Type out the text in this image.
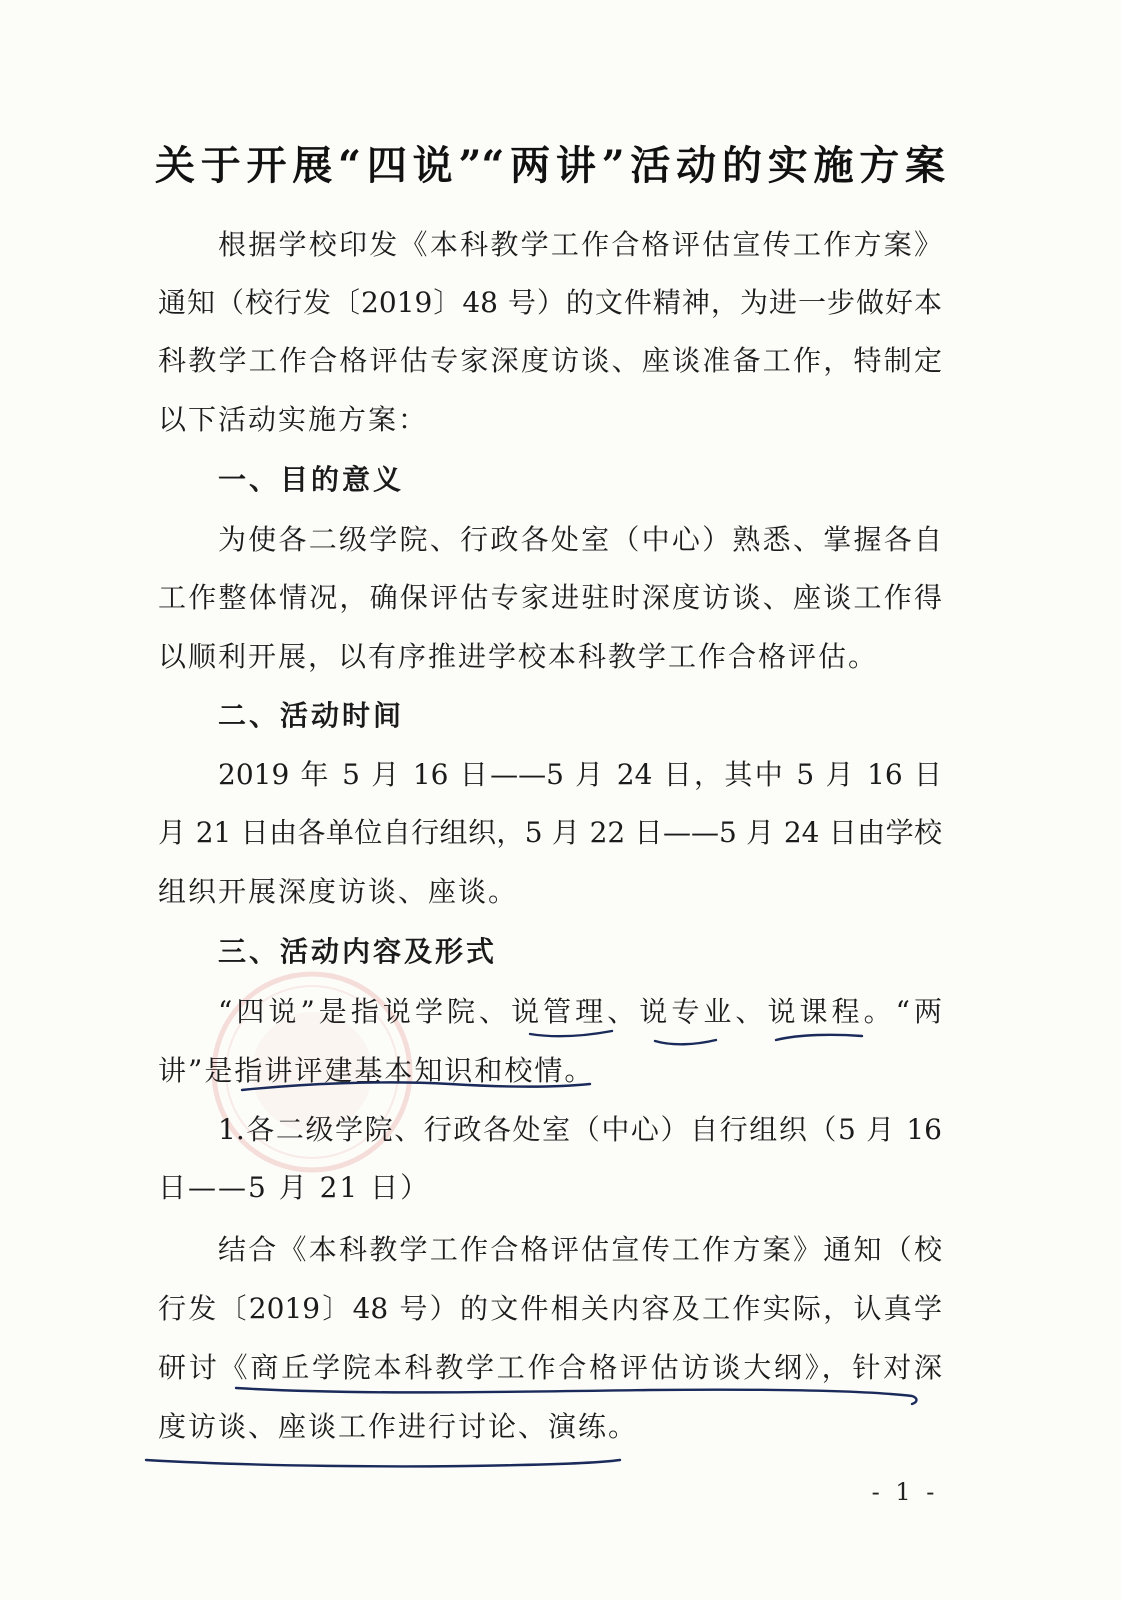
关于开展“四说”“两讲”活动的实施方案
根据学校印发《本科教学工作合格评估宣传工作方案》
通知（校行发〔2019〕48 号）的文件精神，为进一步做好本
科教学工作合格评估专家深度访谈、座谈准备工作，特制定
以下活动实施方案：
一、目的意义
为使各二级学院、行政各处室（中心）熟悉、掌握各自
工作整体情况，确保评估专家进驻时深度访谈、座谈工作得
以顺利开展，以有序推进学校本科教学工作合格评估。
二、活动时间
2019 年 5 月 16 日——5 月 24 日，其中 5 月 16 日
月 21 日由各单位自行组织，5 月 22 日——5 月 24 日由学校
组织开展深度访谈、座谈。
三、活动内容及形式
“四说”是指说学院、说管理、说专业、说课程。“两
讲”是指讲评建基本知识和校情。
1.各二级学院、行政各处室（中心）自行组织（5 月 16
日——5 月 21 日）
结合《本科教学工作合格评估宣传工作方案》通知（校
行发〔2019〕48 号）的文件相关内容及工作实际，认真学
研讨《商丘学院本科教学工作合格评估访谈大纲》，针对深
度访谈、座谈工作进行讨论、演练。
- 1 -
